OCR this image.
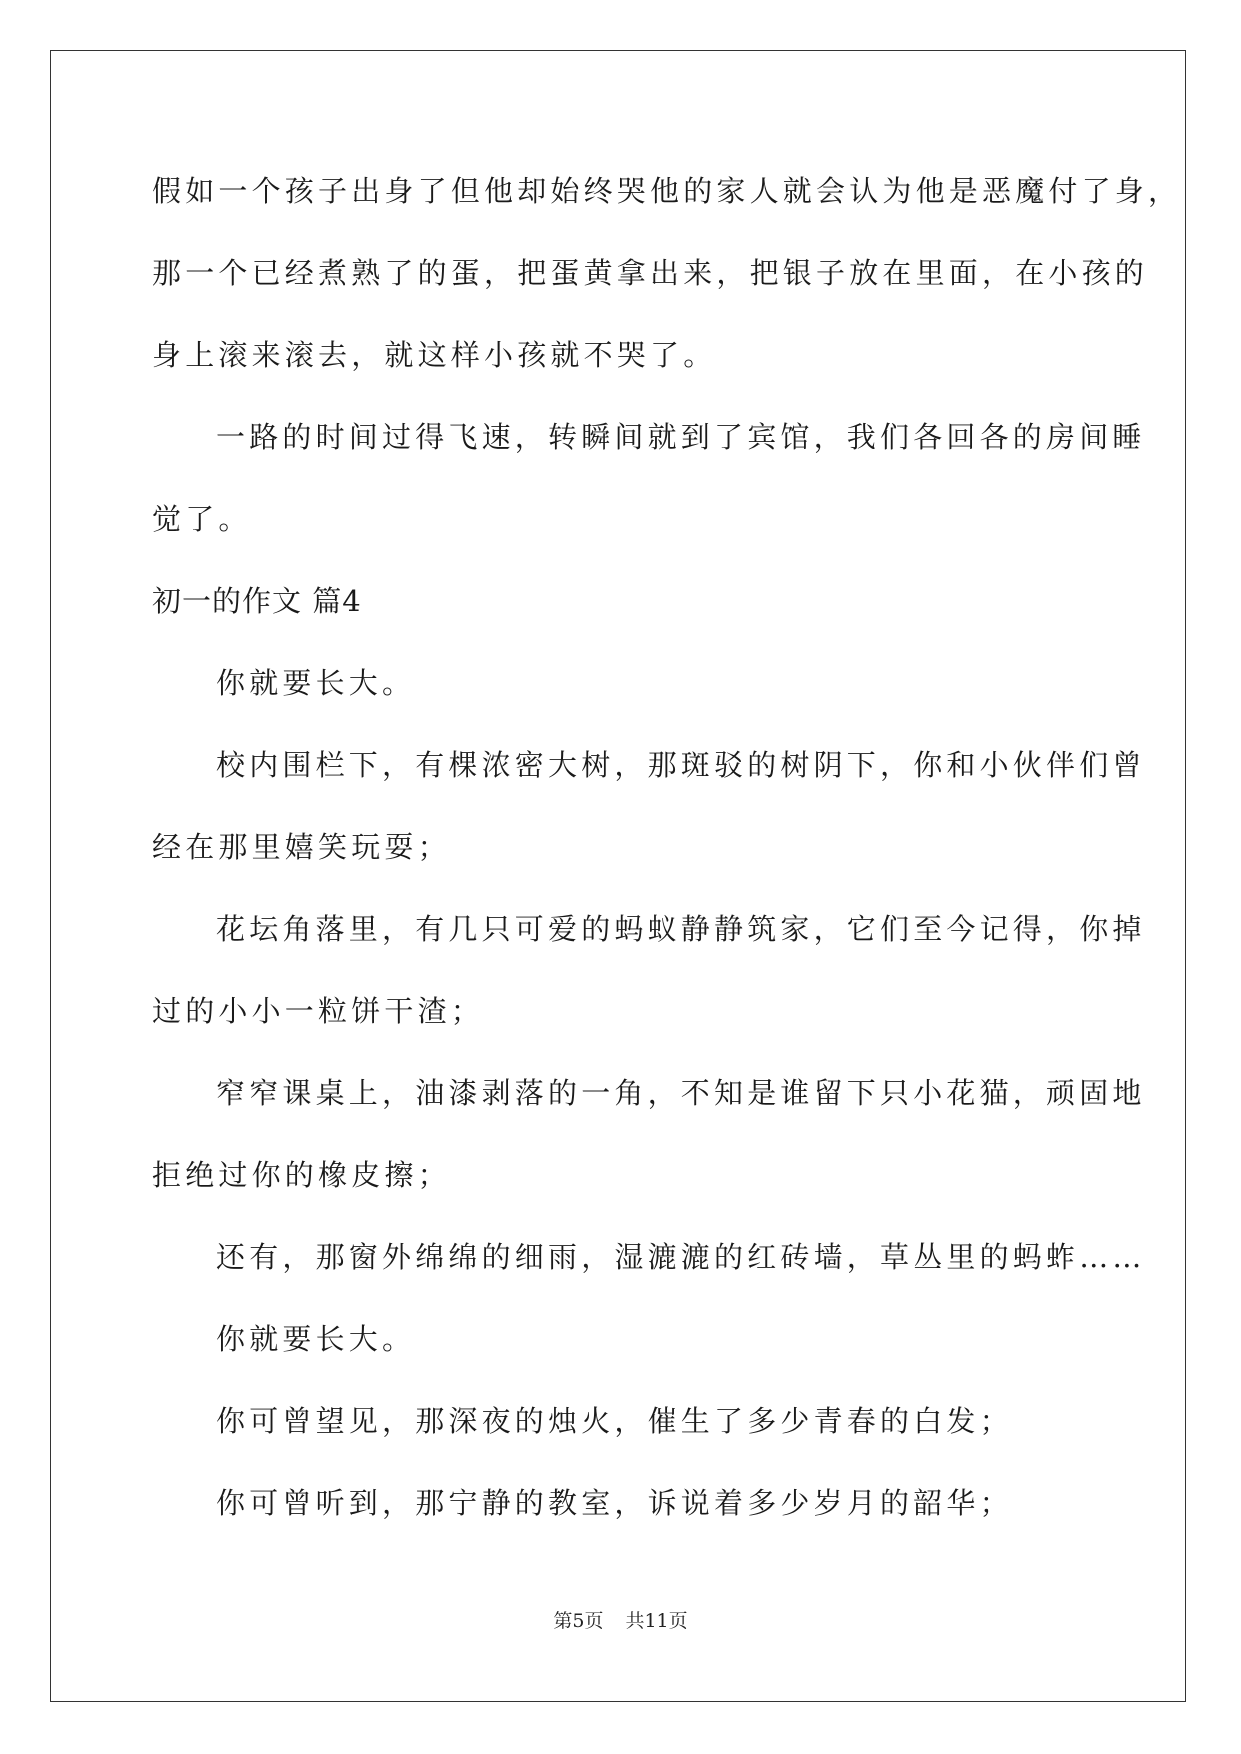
假如一个孩子出身了但他却始终哭他的家人就会认为他是恶魔付了身，
那一个已经煮熟了的蛋，把蛋黄拿出来，把银子放在里面，在小孩的
身上滚来滚去，就这样小孩就不哭了。
一路的时间过得飞速，转瞬间就到了宾馆，我们各回各的房间睡
觉了。
初一的作文 篇4
你就要长大。
校内围栏下，有棵浓密大树，那斑驳的树阴下，你和小伙伴们曾
经在那里嬉笑玩耍；
花坛角落里，有几只可爱的蚂蚁静静筑家，它们至今记得，你掉
过的小小一粒饼干渣；
窄窄课桌上，油漆剥落的一角，不知是谁留下只小花猫，顽固地
拒绝过你的橡皮擦；
还有，那窗外绵绵的细雨，湿漉漉的红砖墙，草丛里的蚂蚱……
你就要长大。
你可曾望见，那深夜的烛火，催生了多少青春的白发；
你可曾听到，那宁静的教室，诉说着多少岁月的韶华；
第5页 共11页
